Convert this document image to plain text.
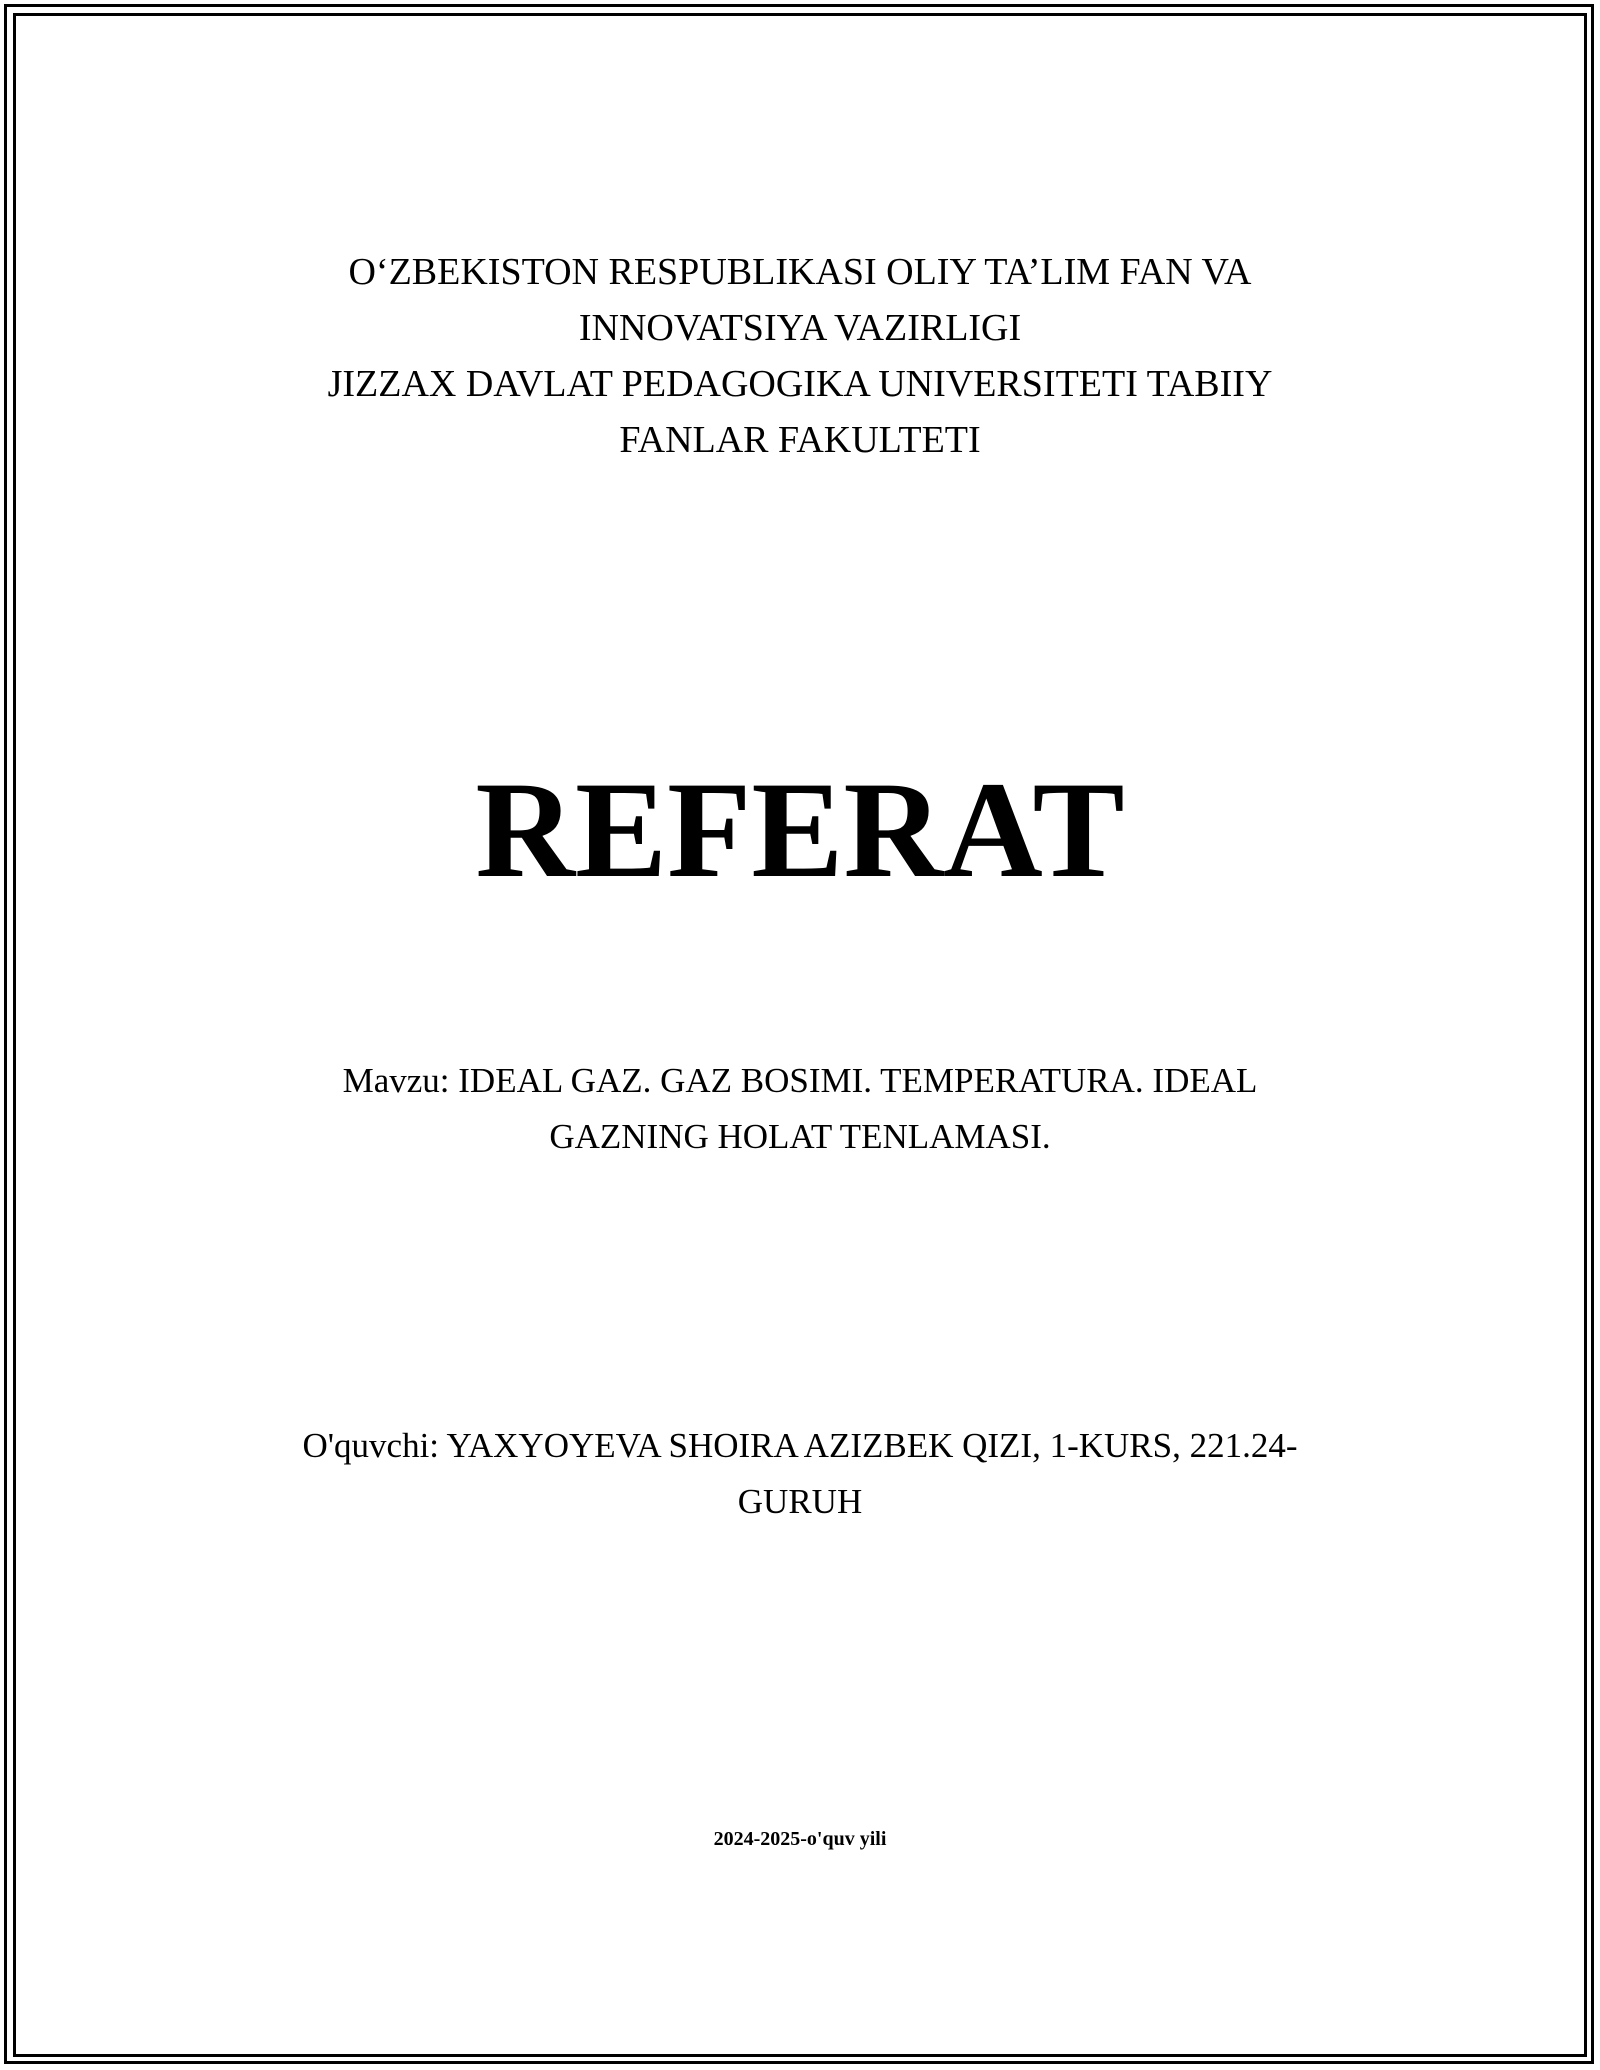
O‘ZBEKISTON RESPUBLIKASI OLIY TA’LIM FAN VA
INNOVATSIYA VAZIRLIGI
JIZZAX DAVLAT PEDAGOGIKA UNIVERSITETI TABIIY
FANLAR FAKULTETI
REFERAT
Mavzu: IDEAL GAZ. GAZ BOSIMI. TEMPERATURA. IDEAL
GAZNING HOLAT TENLAMASI.
O'quvchi: YAXYOYEVA SHOIRA AZIZBEK QIZI, 1-KURS, 221.24-
GURUH
2024-2025-o'quv yili
